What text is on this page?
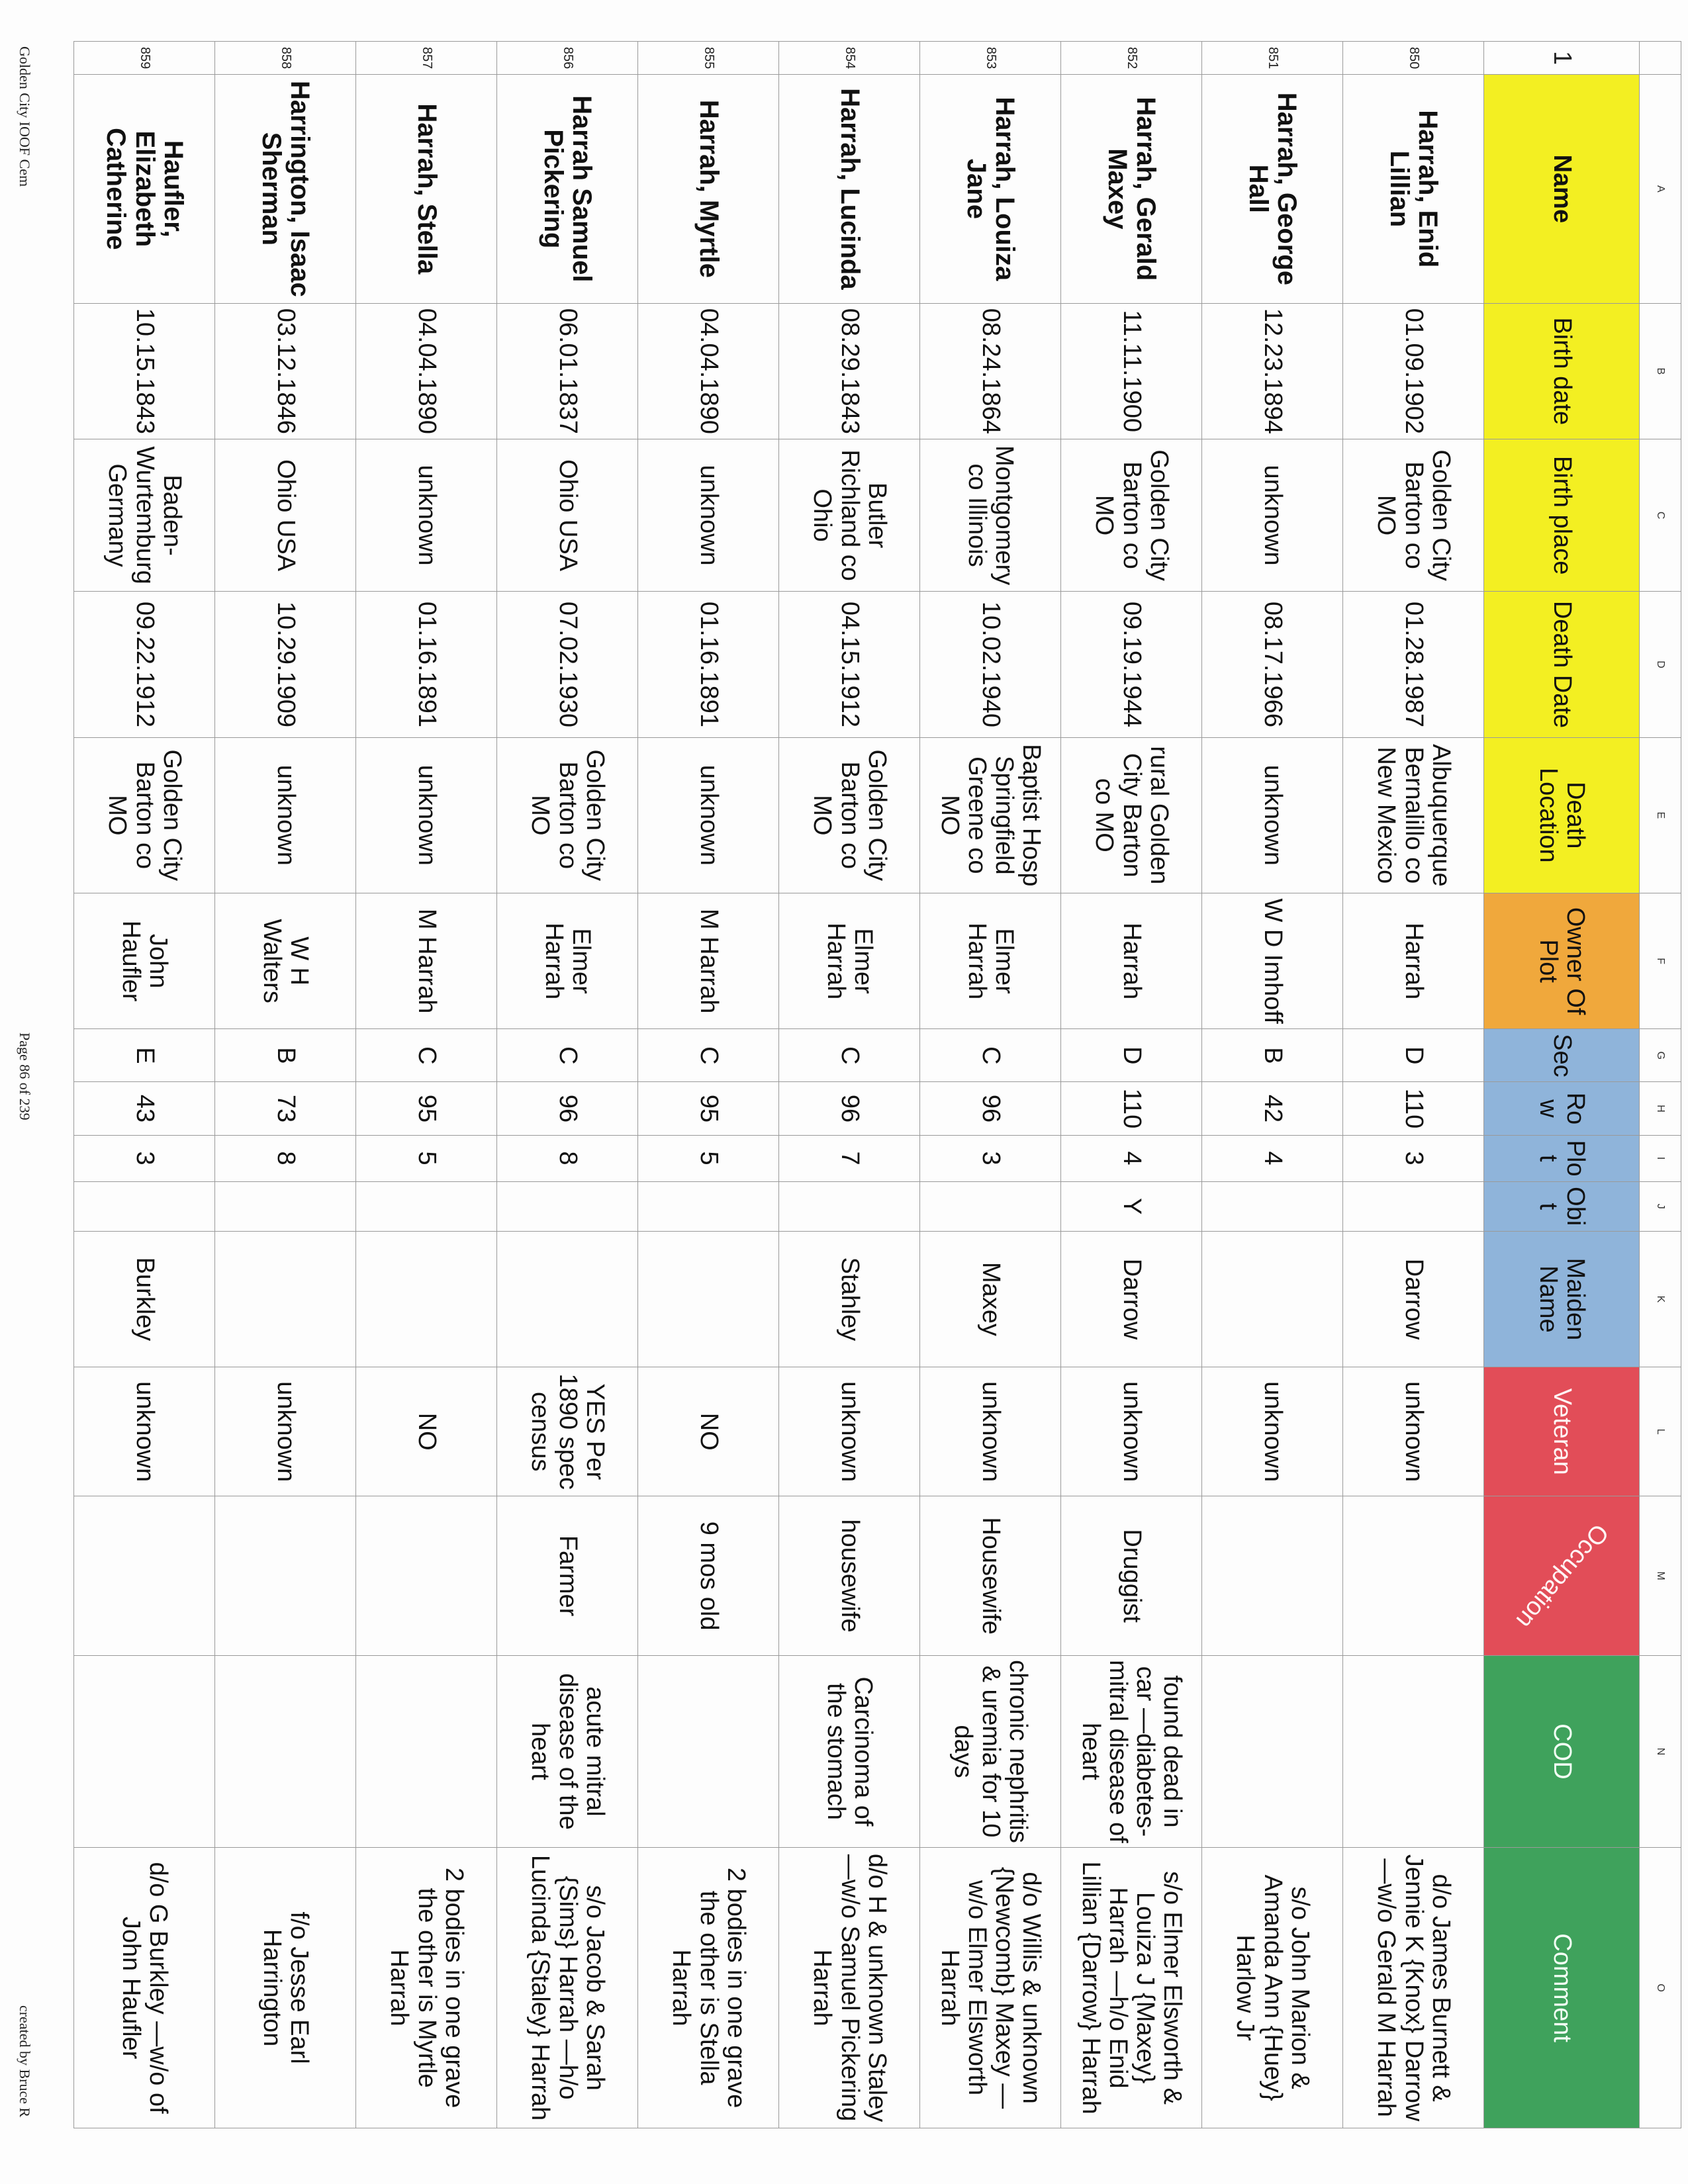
	A	B	C	D	E	F	G	H	I	J	K	L	M	N	O
1	Name	Birth date	Birth place	Death Date	Death Location	Owner Of Plot	Sec	Row	Plot	Obit	Maiden Name	Veteran	Occupation	COD	Comment
850	Harrah, Enid Lillian	01.09.1902	Golden City Barton co MO	01.28.1987	Albuquerque Bernalillo co New Mexico	Harrah	D	110	3		Darrow	unknown			d/o James Burnett & Jennie K {Knox} Darrow —w/o Gerald M Harrah
851	Harrah, George Hall	12.23.1894	unknown	08.17.1966	unknown	W D Imhoff	B	42	4			unknown			s/o John Marion & Amanda Ann {Huey} Harlow Jr
852	Harrah, Gerald Maxey	11.11.1900	Golden City Barton co MO	09.19.1944	rural Golden City Barton co MO	Harrah	D	110	4	Y	Darrow	unknown	Druggist	found dead in car —diabetes-mitral disease of heart	s/o Elmer Elsworth & Louiza J {Maxey} Harrah —h/o Enid Lillian {Darrow} Harrah
853	Harrah, Louiza Jane	08.24.1864	Montgomery co Illinois	10.02.1940	Baptist Hosp Springfield Greene co MO	Elmer Harrah	C	96	3		Maxey	unknown	Housewife	chronic nephritis & uremia for 10 days	d/o Willis & unknown {Newcomb} Maxey —w/o Elmer Elsworth Harrah
854	Harrah, Lucinda	08.29.1843	Butler Richland co Ohio	04.15.1912	Golden City Barton co MO	Elmer Harrah	C	96	7		Stahley	unknown	housewife	Carcinoma of the stomach	d/o H & unknown Staley —w/o Samuel Pickering Harrah
855	Harrah, Myrtle	04.04.1890	unknown	01.16.1891	unknown	M Harrah	C	95	5			NO	9 mos old		2 bodies in one grave the other is Stella Harrah
856	Harrah Samuel Pickering	06.01.1837	Ohio USA	07.02.1930	Golden City Barton co MO	Elmer Harrah	C	96	8			YES Per 1890 spec census	Farmer	acute mitral disease of the heart	s/o Jacob & Sarah {Sims} Harrah —h/o Lucinda {Staley} Harrah
857	Harrah, Stella	04.04.1890	unknown	01.16.1891	unknown	M Harrah	C	95	5			NO			2 bodies in one grave the other is Myrtle Harrah
858	Harrington, Isaac Sherman	03.12.1846	Ohio USA	10.29.1909	unknown	W H Walters	B	73	8			unknown			f/o Jesse Earl Harrington
859	Haufler, Elizabeth Catherine	10.15.1843	Baden-Wurtemburg Germany	09.22.1912	Golden City Barton co MO	John Haufler	E	43	3		Burkley	unknown			d/o G Burkley —w/o of John Haufler
Golden City IOOF Cem
Page 86 of 239
created by Bruce R
